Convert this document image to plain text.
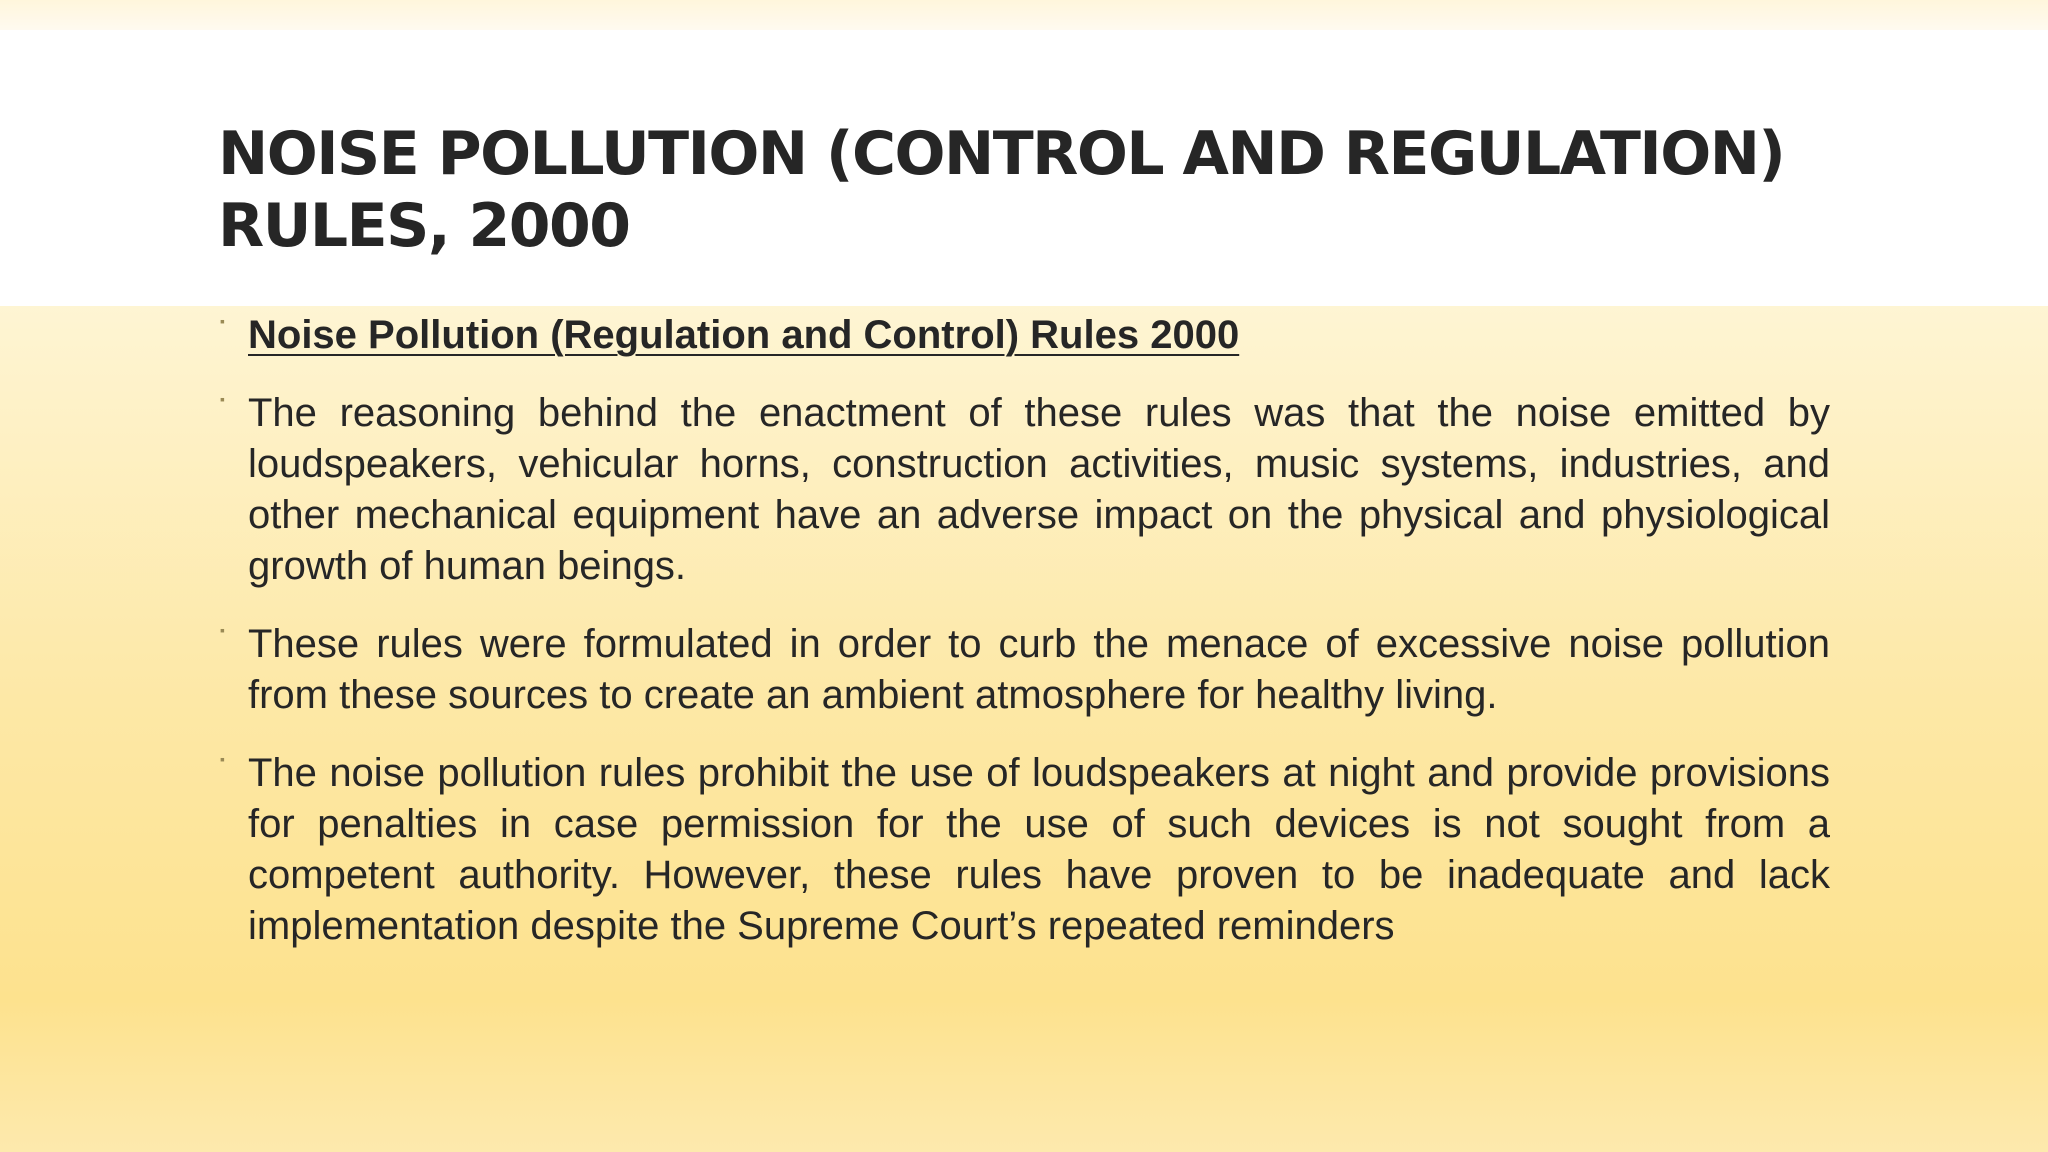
NOISE POLLUTION (CONTROL AND REGULATION) RULES, 2000

▪ Noise Pollution (Regulation and Control) Rules 2000

▪ The reasoning behind the enactment of these rules was that the noise emitted by loudspeakers, vehicular horns, construction activities, music systems, industries, and other mechanical equipment have an adverse impact on the physical and physiological growth of human beings.

▪ These rules were formulated in order to curb the menace of excessive noise pollution from these sources to create an ambient atmosphere for healthy living.

▪ The noise pollution rules prohibit the use of loudspeakers at night and provide provisions for penalties in case permission for the use of such devices is not sought from a competent authority. However, these rules have proven to be inadequate and lack implementation despite the Supreme Court’s repeated reminders
